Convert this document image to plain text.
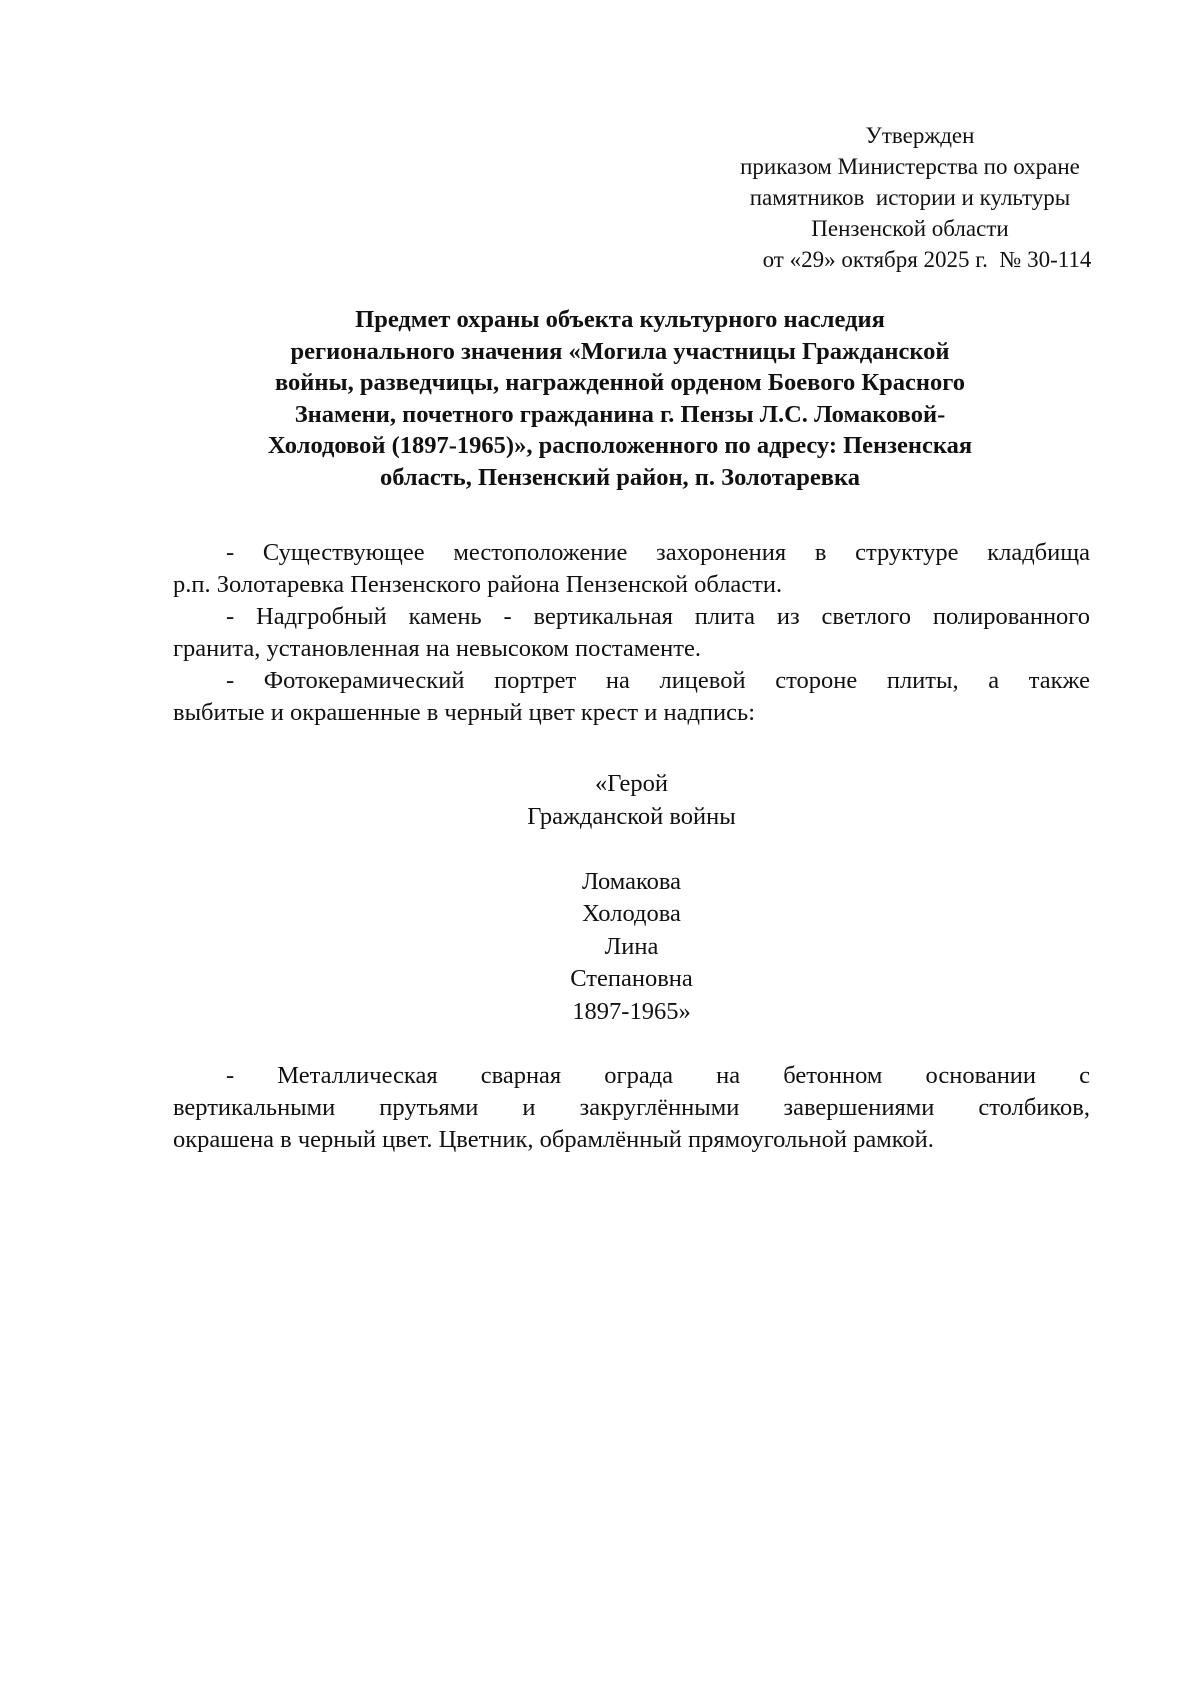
Утвержден
приказом Министерства по охране
памятников  истории и культуры
Пензенской области
от «29» октября 2025 г.  № 30-114
Предмет охраны объекта культурного наследия
регионального значения «Могила участницы Гражданской
войны, разведчицы, награжденной орденом Боевого Красного
Знамени, почетного гражданина г. Пензы Л.С. Ломаковой-
Холодовой (1897-1965)», расположенного по адресу: Пензенская
область, Пензенский район, п. Золотаревка
- Существующее местоположение захоронения в структуре кладбища
р.п. Золотаревка Пензенского района Пензенской области.
- Надгробный камень - вертикальная плита из светлого полированного
гранита, установленная на невысоком постаменте.
- Фотокерамический портрет на лицевой стороне плиты, а также
выбитые и окрашенные в черный цвет крест и надпись:
«Герой
Гражданской войны
Ломакова
Холодова
Лина
Степановна
1897-1965»
- Металлическая сварная ограда на бетонном основании с
вертикальными прутьями и закруглёнными завершениями столбиков,
окрашена в черный цвет. Цветник, обрамлённый прямоугольной рамкой.
